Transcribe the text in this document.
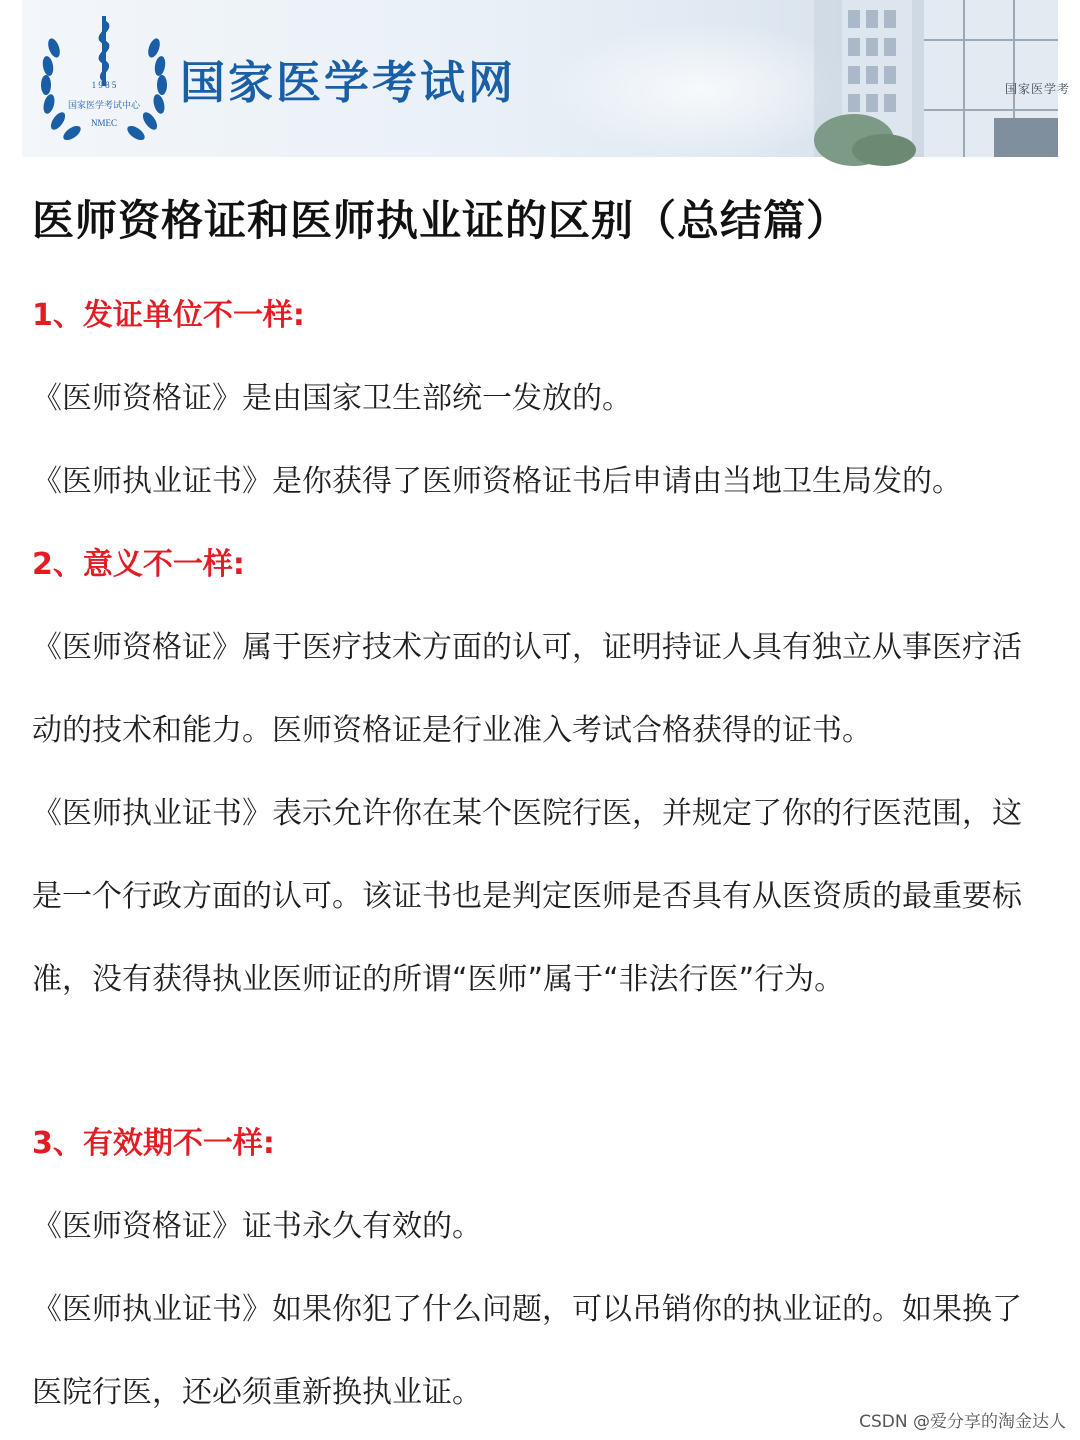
1 9 8 5
国家医学考试中心
NMEC
国家医学考试网	国家医学考
医师资格证和医师执业证的区别（总结篇）
1、发证单位不一样:

《医师资格证》是由国家卫生部统一发放的。

《医师执业证书》是你获得了医师资格证书后申请由当地卫生局发的。

2、意义不一样:

《医师资格证》属于医疗技术方面的认可，证明持证人具有独立从事医疗活动的技术和能力。医师资格证是行业准入考试合格获得的证书。

《医师执业证书》表示允许你在某个医院行医，并规定了你的行医范围，这是一个行政方面的认可。该证书也是判定医师是否具有从医资质的最重要标准，没有获得执业医师证的所谓“医师”属于“非法行医”行为。

3、有效期不一样:

《医师资格证》证书永久有效的。

《医师执业证书》如果你犯了什么问题，可以吊销你的执业证的。如果换了医院行医，还必须重新换执业证。

CSDN @爱分享的淘金达人
